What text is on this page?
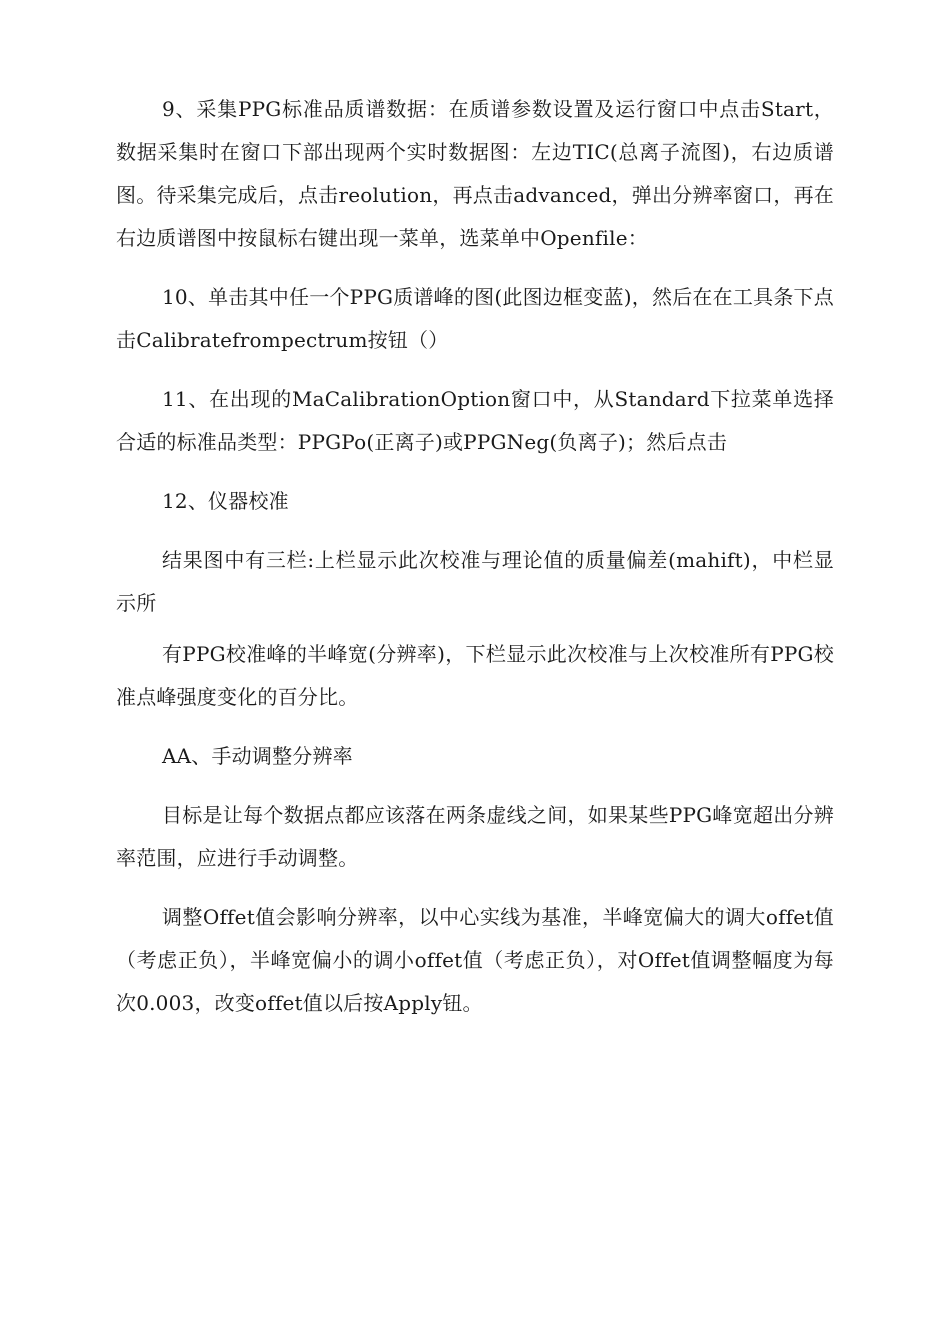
9、采集PPG标准品质谱数据：在质谱参数设置及运行窗口中点击Start，数据采集时在窗口下部出现两个实时数据图：左边TIC(总离子流图)，右边质谱图。待采集完成后，点击reolution，再点击advanced，弹出分辨率窗口，再在右边质谱图中按鼠标右键出现一菜单，选菜单中Openfile：

10、单击其中任一个PPG质谱峰的图(此图边框变蓝)，然后在在工具条下点击Calibratefrompectrum按钮（）

11、在出现的MaCalibrationOption窗口中，从Standard下拉菜单选择合适的标准品类型：PPGPo(正离子)或PPGNeg(负离子)；然后点击

12、仪器校准

结果图中有三栏:上栏显示此次校准与理论值的质量偏差(mahift)，中栏显示所

有PPG校准峰的半峰宽(分辨率)，下栏显示此次校准与上次校准所有PPG校准点峰强度变化的百分比。

AA、手动调整分辨率

目标是让每个数据点都应该落在两条虚线之间，如果某些PPG峰宽超出分辨率范围，应进行手动调整。

调整Offet值会影响分辨率，以中心实线为基准，半峰宽偏大的调大offet值（考虑正负），半峰宽偏小的调小offet值（考虑正负），对Offet值调整幅度为每次0.003，改变offet值以后按Apply钮。
